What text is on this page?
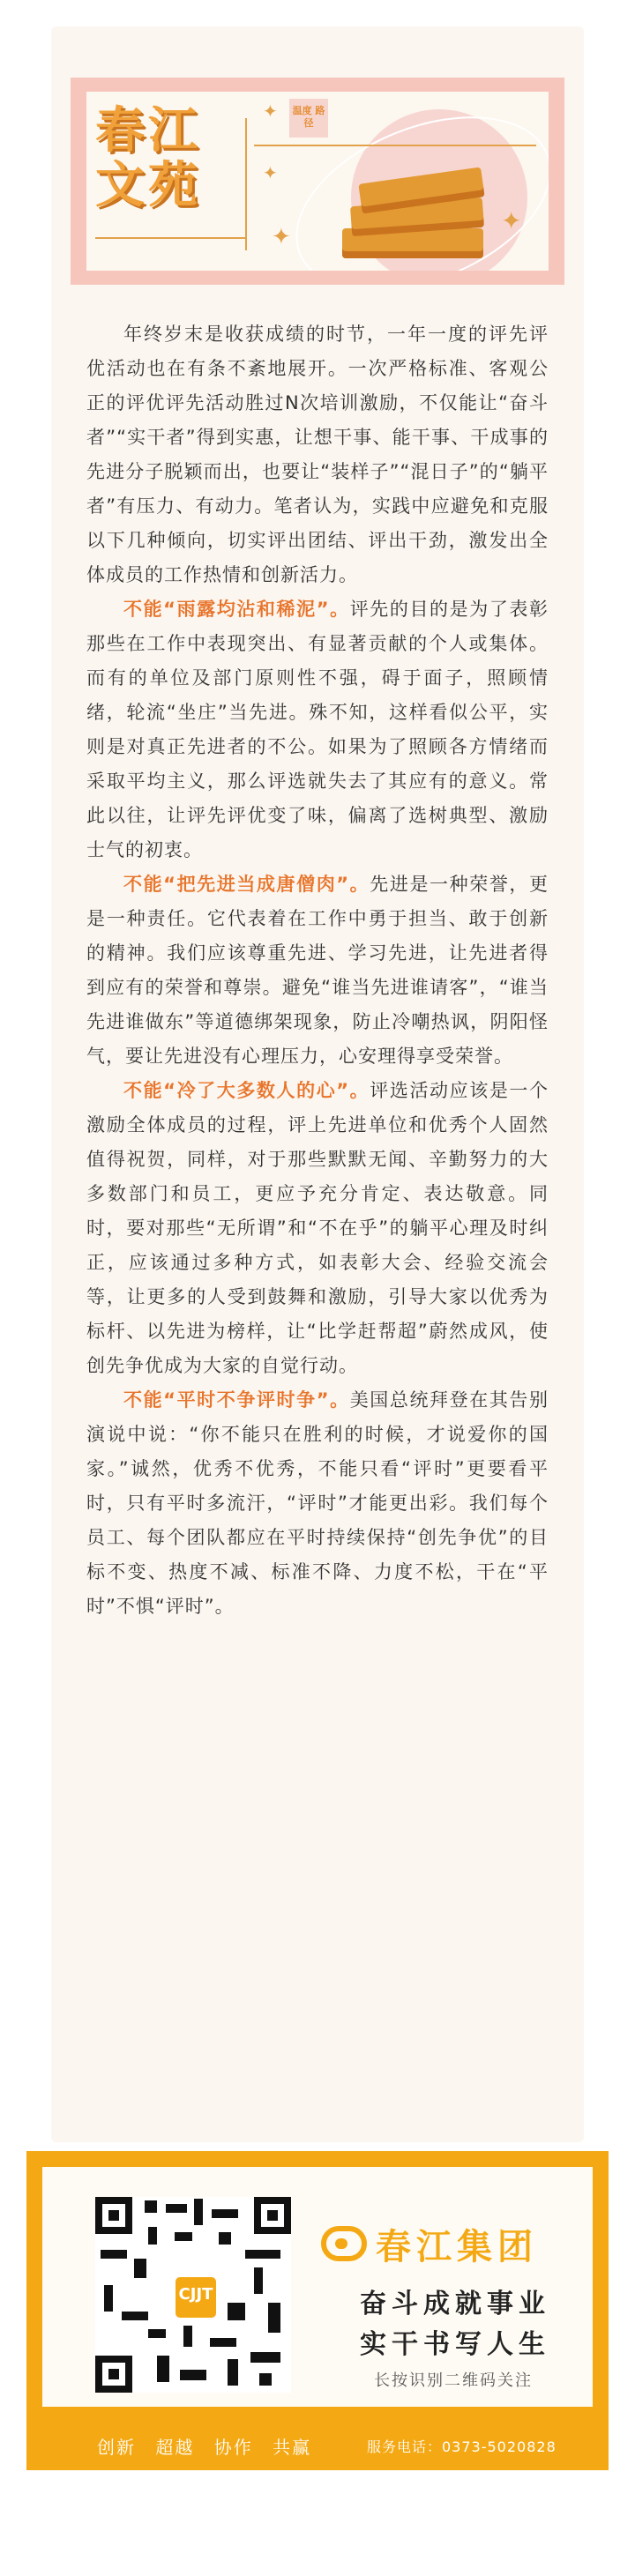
春江文苑
温度 路径
✦
✦
✦
✦

年终岁末是收获成绩的时节，一年一度的评先评优活动也在有条不紊地展开。一次严格标准、客观公正的评优评先活动胜过N次培训激励，不仅能让“奋斗者”“实干者”得到实惠，让想干事、能干事、干成事的先进分子脱颖而出，也要让“装样子”“混日子”的“躺平者”有压力、有动力。笔者认为，实践中应避免和克服以下几种倾向，切实评出团结、评出干劲，激发出全体成员的工作热情和创新活力。

不能“雨露均沾和稀泥”。评先的目的是为了表彰那些在工作中表现突出、有显著贡献的个人或集体。而有的单位及部门原则性不强，碍于面子，照顾情绪，轮流“坐庄”当先进。殊不知，这样看似公平，实则是对真正先进者的不公。如果为了照顾各方情绪而采取平均主义，那么评选就失去了其应有的意义。常此以往，让评先评优变了味，偏离了选树典型、激励士气的初衷。

不能“把先进当成唐僧肉”。先进是一种荣誉，更是一种责任。它代表着在工作中勇于担当、敢于创新的精神。我们应该尊重先进、学习先进，让先进者得到应有的荣誉和尊崇。避免“谁当先进谁请客”，“谁当先进谁做东”等道德绑架现象，防止冷嘲热讽，阴阳怪气，要让先进没有心理压力，心安理得享受荣誉。

不能“冷了大多数人的心”。评选活动应该是一个激励全体成员的过程，评上先进单位和优秀个人固然值得祝贺，同样，对于那些默默无闻、辛勤努力的大多数部门和员工，更应予充分肯定、表达敬意。同时，要对那些“无所谓”和“不在乎”的躺平心理及时纠正，应该通过多种方式，如表彰大会、经验交流会等，让更多的人受到鼓舞和激励，引导大家以优秀为标杆、以先进为榜样，让“比学赶帮超”蔚然成风，使创先争优成为大家的自觉行动。

不能“平时不争评时争”。美国总统拜登在其告别演说中说：“你不能只在胜利的时候，才说爱你的国家。”诚然，优秀不优秀，不能只看“评时”更要看平时，只有平时多流汗，“评时”才能更出彩。我们每个员工、每个团队都应在平时持续保持“创先争优”的目标不变、热度不减、标准不降、力度不松，干在“平时”不惧“评时”。

CJJT
春江集团
奋斗成就事业
实干书写人生
长按识别二维码关注
创新 超越 协作 共赢	服务电话：0373-5020828
